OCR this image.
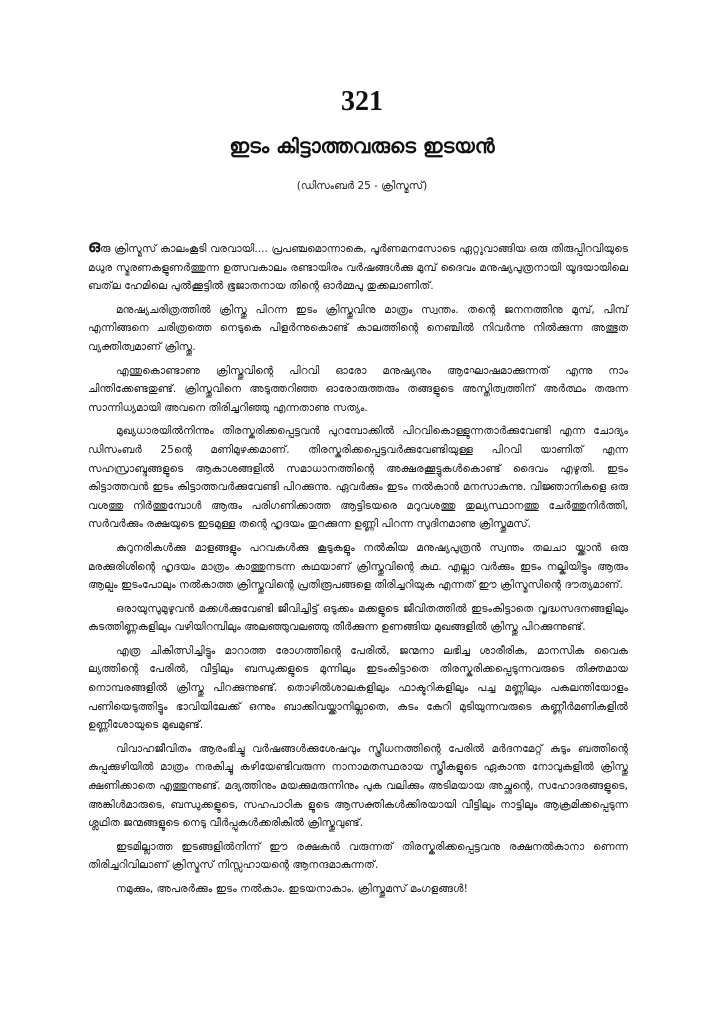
321
ഇടം കിട്ടാത്തവരുടെ ഇടയൻ
(ഡിസംബർ 25 - ക്രിസ്മസ്)

ഒരു ക്രിസ്മസ് കാലംകൂടി വരവായി.... പ്രപഞ്ചമൊന്നാകെ, പൂർണമനസോടെ ഏറ്റുവാങ്ങിയ ഒരു തിരുപ്പിറവിയുടെ മധുര സ്മരണകളുണർത്തുന്ന ഉത്സവകാലം രണ്ടായിരം വർഷങ്ങൾക്കു മുമ്പ് ദൈവം മനുഷ്യപുത്രനായി യൂദയായിലെ ബത്‌ല ഹേമിലെ പുൽക്കൂട്ടിൽ ഭൂജാതനായ തിന്റെ ഓർമ്മപു തുക്കലാണിത്.

മനുഷ്യചരിത്രത്തിൽ ക്രിസ്തു പിറന്ന ഇടം ക്രിസ്തുവിനു മാത്രം സ്വന്തം. തന്റെ ജനനത്തിനു മുമ്പ്, പിമ്പ് എന്നിങ്ങനെ ചരിത്രത്തെ നെടുകെ പിളർന്നുകൊണ്ട് കാലത്തിന്റെ നെഞ്ചിൽ നിവർന്നു നിൽക്കുന്ന അത്ഭുത വ്യക്തിത്വമാണ് ക്രിസ്തു.

എന്തുകൊണ്ടാണു ക്രിസ്തുവിന്റെ പിറവി ഓരോ മനുഷ്യനും ആഘോഷമാക്കുന്നത് എന്നു നാം ചിന്തിക്കേണ്ടതുണ്ട്. ക്രിസ്തുവിനെ അടുത്തറിഞ്ഞ ഓരോരുത്തരും തങ്ങളുടെ അസ്തിത്വത്തിന് അർത്ഥം തരുന്ന സാന്നിധ്യമായി അവനെ തിരിച്ചറിഞ്ഞു എന്നതാണു സത്യം.

മുഖ്യധാരയിൽനിന്നും തിരസ്കരിക്കപ്പെട്ടവൻ പുറമ്പോക്കിൽ പിറവികൊള്ളുന്നതാർക്കുവേണ്ടി എന്ന ചോദ്യം ഡിസംബർ 25ന്റെ മണിമുഴക്കമാണ്. തിരസ്കരിക്കപ്പെട്ടവർക്കുവേണ്ടിയുള്ള പിറവി യാണിത് എന്ന സഹസ്രാബ്ദങ്ങളുടെ ആകാശങ്ങളിൽ സമാധാനത്തിന്റെ അക്ഷരക്കൂട്ടുകൾകൊണ്ട് ദൈവം എഴുതി. ഇടം കിട്ടാത്തവൻ ഇടം കിട്ടാത്തവർക്കുവേണ്ടി പിറക്കുന്നു. ഏവർക്കും ഇടം നൽകാൻ മനസാകുന്നു. വിജ്ഞാനികളെ ഒരു വശത്തു നിർത്തുമ്പോൾ ആരും പരിഗണിക്കാത്ത ആട്ടിടയരെ മറുവശത്തു തുല്യസ്ഥാനത്തു ചേർത്തുനിർത്തി, സർവർക്കും രക്ഷയുടെ ഇടമുള്ള തന്റെ ഹൃദയം തുറക്കുന്ന ഉണ്ണി പിറന്ന സുദിനമാണു ക്രിസ്തുമസ്.

കുറുനരികൾക്കു മാളങ്ങളും പറവകൾക്കു കൂടുകളും നൽകിയ മനുഷ്യപുത്രൻ സ്വന്തം തലചാ യ്ക്കാൻ ഒരു മരക്കുരിശിന്റെ ഹൃദയം മാത്രം കാത്തുനടന്ന കഥയാണ് ക്രിസ്തുവിന്റെ കഥ. എല്ലാ വർക്കും ഇടം നല്കിയിട്ടും ആരും ആല്പം ഇടംപോലും നൽകാത്ത ക്രിസ്തുവിന്റെ പ്രതിരൂപങ്ങളെ തിരിച്ചറിയുക എന്നത് ഈ ക്രിസ്മസിന്റെ ദൗത്യമാണ്.

ഒരായുസുമുഴുവൻ മക്കൾക്കുവേണ്ടി ജീവിച്ചിട്ട് ഒടുക്കം മക്കളുടെ ജീവിതത്തിൽ ഇടംകിട്ടാതെ വൃദ്ധസദനങ്ങളിലും കടത്തിണ്ണകളിലും വഴിയിറമ്പിലും അലഞ്ഞുവലഞ്ഞു തീർക്കുന്ന ഉണങ്ങിയ മുഖങ്ങളിൽ ക്രിസ്തു പിറക്കുന്നുണ്ട്.

എത്ര ചികിത്സിച്ചിട്ടും മാറാത്ത രോഗത്തിന്റെ പേരിൽ, ജന്മനാ ലഭിച്ച ശാരീരിക, മാനസിക വൈക ല്യത്തിന്റെ പേരിൽ, വീട്ടിലും ബന്ധുക്കളുടെ മുന്നിലും ഇടംകിട്ടാതെ തിരസ്കരിക്കപ്പെടുന്നവരുടെ തിക്തമായ നൊമ്പരങ്ങളിൽ ക്രിസ്തു പിറക്കുന്നുണ്ട്. തൊഴിൽശാലകളിലും ഫാക്ടറികളിലും പച്ച മണ്ണിലും പകലന്തിയോളം പണിയെടുത്തിട്ടും ഭാവിയിലേക്ക് ഒന്നും ബാക്കിവയ്ക്കാനില്ലാതെ, കടം കേറി മുടിയുന്നവരുടെ കണ്ണീർമണികളിൽ ഉണ്ണീശോയുടെ മുഖമുണ്ട്.

വിവാഹജീവിതം ആരംഭിച്ചു വർഷങ്ങൾക്കുശേഷവും സ്ത്രീധനത്തിന്റെ പേരിൽ മർദനമേറ്റ് കുടും ബത്തിന്റെ കുപ്പക്കുഴിയിൽ മാത്രം നരകിച്ചു കഴിയേണ്ടിവരുന്ന നാനാമതസ്ഥരായ സ്ത്രീകളുടെ ഏകാന്ത നോവുകളിൽ ക്രിസ്തു ക്ഷണിക്കാതെ എത്തുന്നുണ്ട്. മദ്യത്തിനും മയക്കുമരുന്നിനും പുക വലിക്കും അടിമയായ അച്ഛന്റെ, സഹോദരങ്ങളുടെ, അങ്കിൾമാരുടെ, ബന്ധുക്കളുടെ, സഹപാഠിക ളുടെ ആസക്തികൾക്കിരയായി വീട്ടിലും നാട്ടിലും ആക്രമിക്കപ്പെടുന്ന ശ്ലഥിത ജന്മങ്ങളുടെ നെടു വീർപ്പുകൾക്കരികിൽ ക്രിസ്തുവുണ്ട്.

ഇടമില്ലാത്ത ഇടങ്ങളിൽനിന്ന് ഈ രക്ഷകൻ വരുന്നത് തിരസ്കരിക്കപ്പെട്ടവനു രക്ഷനൽകാനാ ണെന്ന തിരിച്ചറിവിലാണ് ക്രിസ്മസ് നിസ്സഹായന്റെ ആനന്ദമാകുന്നത്.

നമുക്കും, അപരർക്കും ഇടം നൽകാം. ഇടയനാകാം. ക്രിസ്തുമസ് മംഗളങ്ങൾ!
